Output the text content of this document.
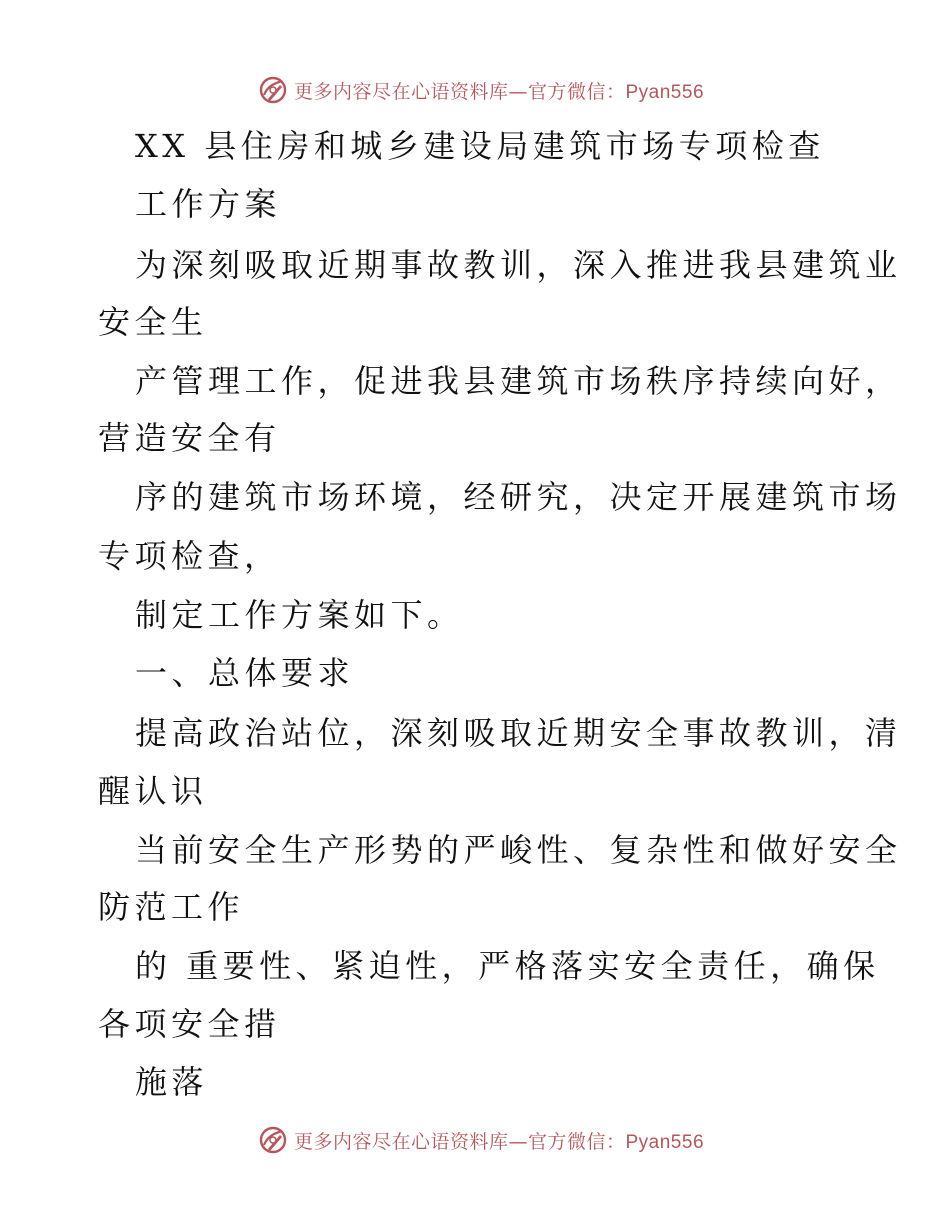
更多内容尽在心语资料库—官方微信：Pyan556
XX 县住房和城乡建设局建筑市场专项检查
工作方案
为深刻吸取近期事故教训，深入推进我县建筑业
安全生
产管理工作，促进我县建筑市场秩序持续向好，
营造安全有
序的建筑市场环境，经研究，决定开展建筑市场
专项检查，
制定工作方案如下。
一、总体要求
提高政治站位，深刻吸取近期安全事故教训，清
醒认识
当前安全生产形势的严峻性、复杂性和做好安全
防范工作
的 重要性、紧迫性，严格落实安全责任，确保
各项安全措
施落
更多内容尽在心语资料库—官方微信：Pyan556
